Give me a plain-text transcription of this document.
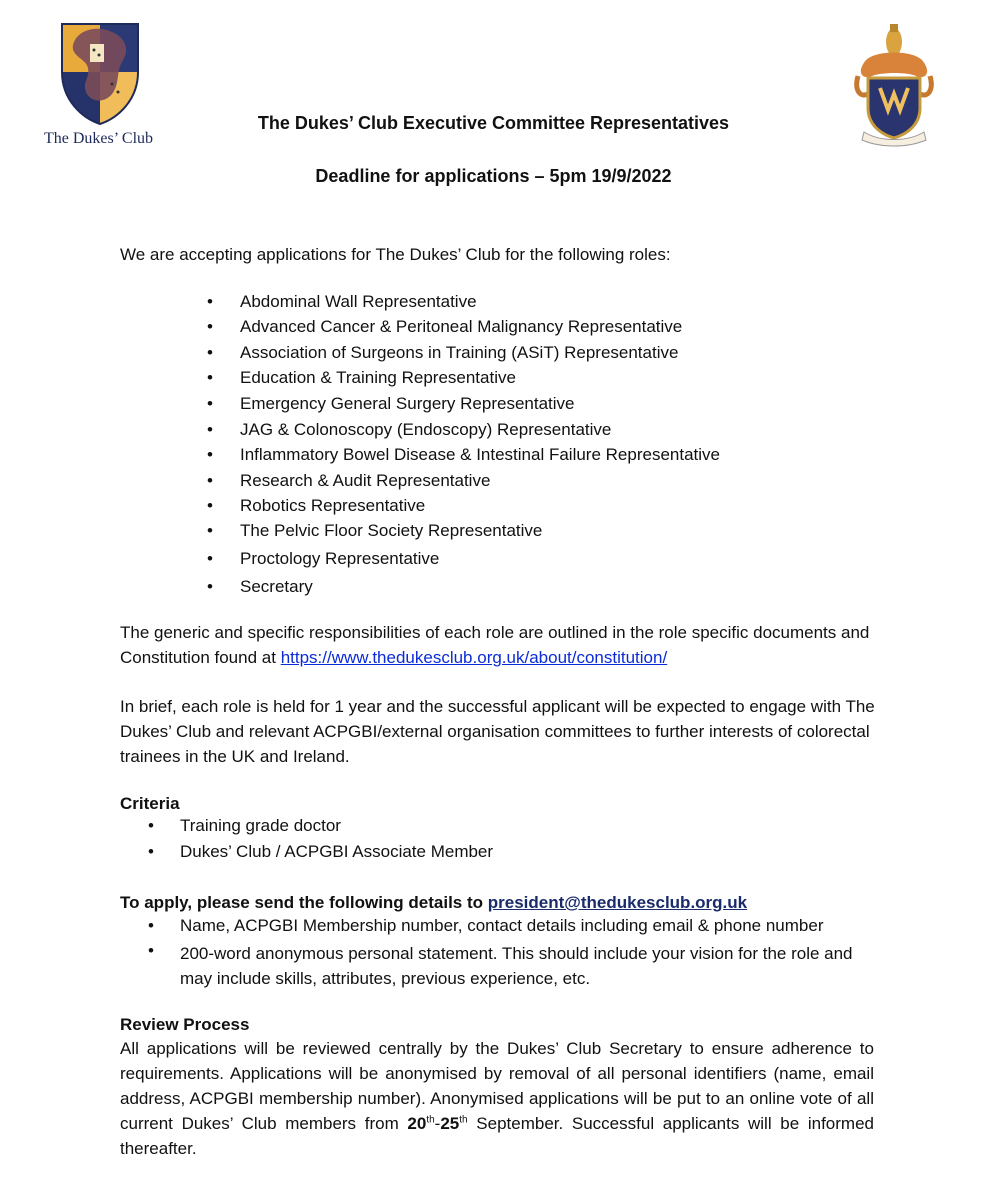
The Dukes’ Club
The Dukes’ Club Executive Committee Representatives
Deadline for applications – 5pm 19/9/2022
We are accepting applications for The Dukes’ Club for the following roles:
• Abdominal Wall Representative
• Advanced Cancer & Peritoneal Malignancy Representative
• Association of Surgeons in Training (ASiT) Representative
• Education & Training Representative
• Emergency General Surgery Representative
• JAG & Colonoscopy (Endoscopy) Representative
• Inflammatory Bowel Disease & Intestinal Failure Representative
• Research & Audit Representative
• Robotics Representative
• The Pelvic Floor Society Representative
• Proctology Representative
• Secretary
The generic and specific responsibilities of each role are outlined in the role specific documents and Constitution found at https://www.thedukesclub.org.uk/about/constitution/
In brief, each role is held for 1 year and the successful applicant will be expected to engage with The Dukes’ Club and relevant ACPGBI/external organisation committees to further interests of colorectal trainees in the UK and Ireland.
Criteria
• Training grade doctor
• Dukes’ Club / ACPGBI Associate Member
To apply, please send the following details to president@thedukesclub.org.uk
• Name, ACPGBI Membership number, contact details including email & phone number
• 200-word anonymous personal statement. This should include your vision for the role and may include skills, attributes, previous experience, etc.
Review Process
All applications will be reviewed centrally by the Dukes’ Club Secretary to ensure adherence to requirements. Applications will be anonymised by removal of all personal identifiers (name, email address, ACPGBI membership number). Anonymised applications will be put to an online vote of all current Dukes’ Club members from 20th-25th September. Successful applicants will be informed thereafter.
